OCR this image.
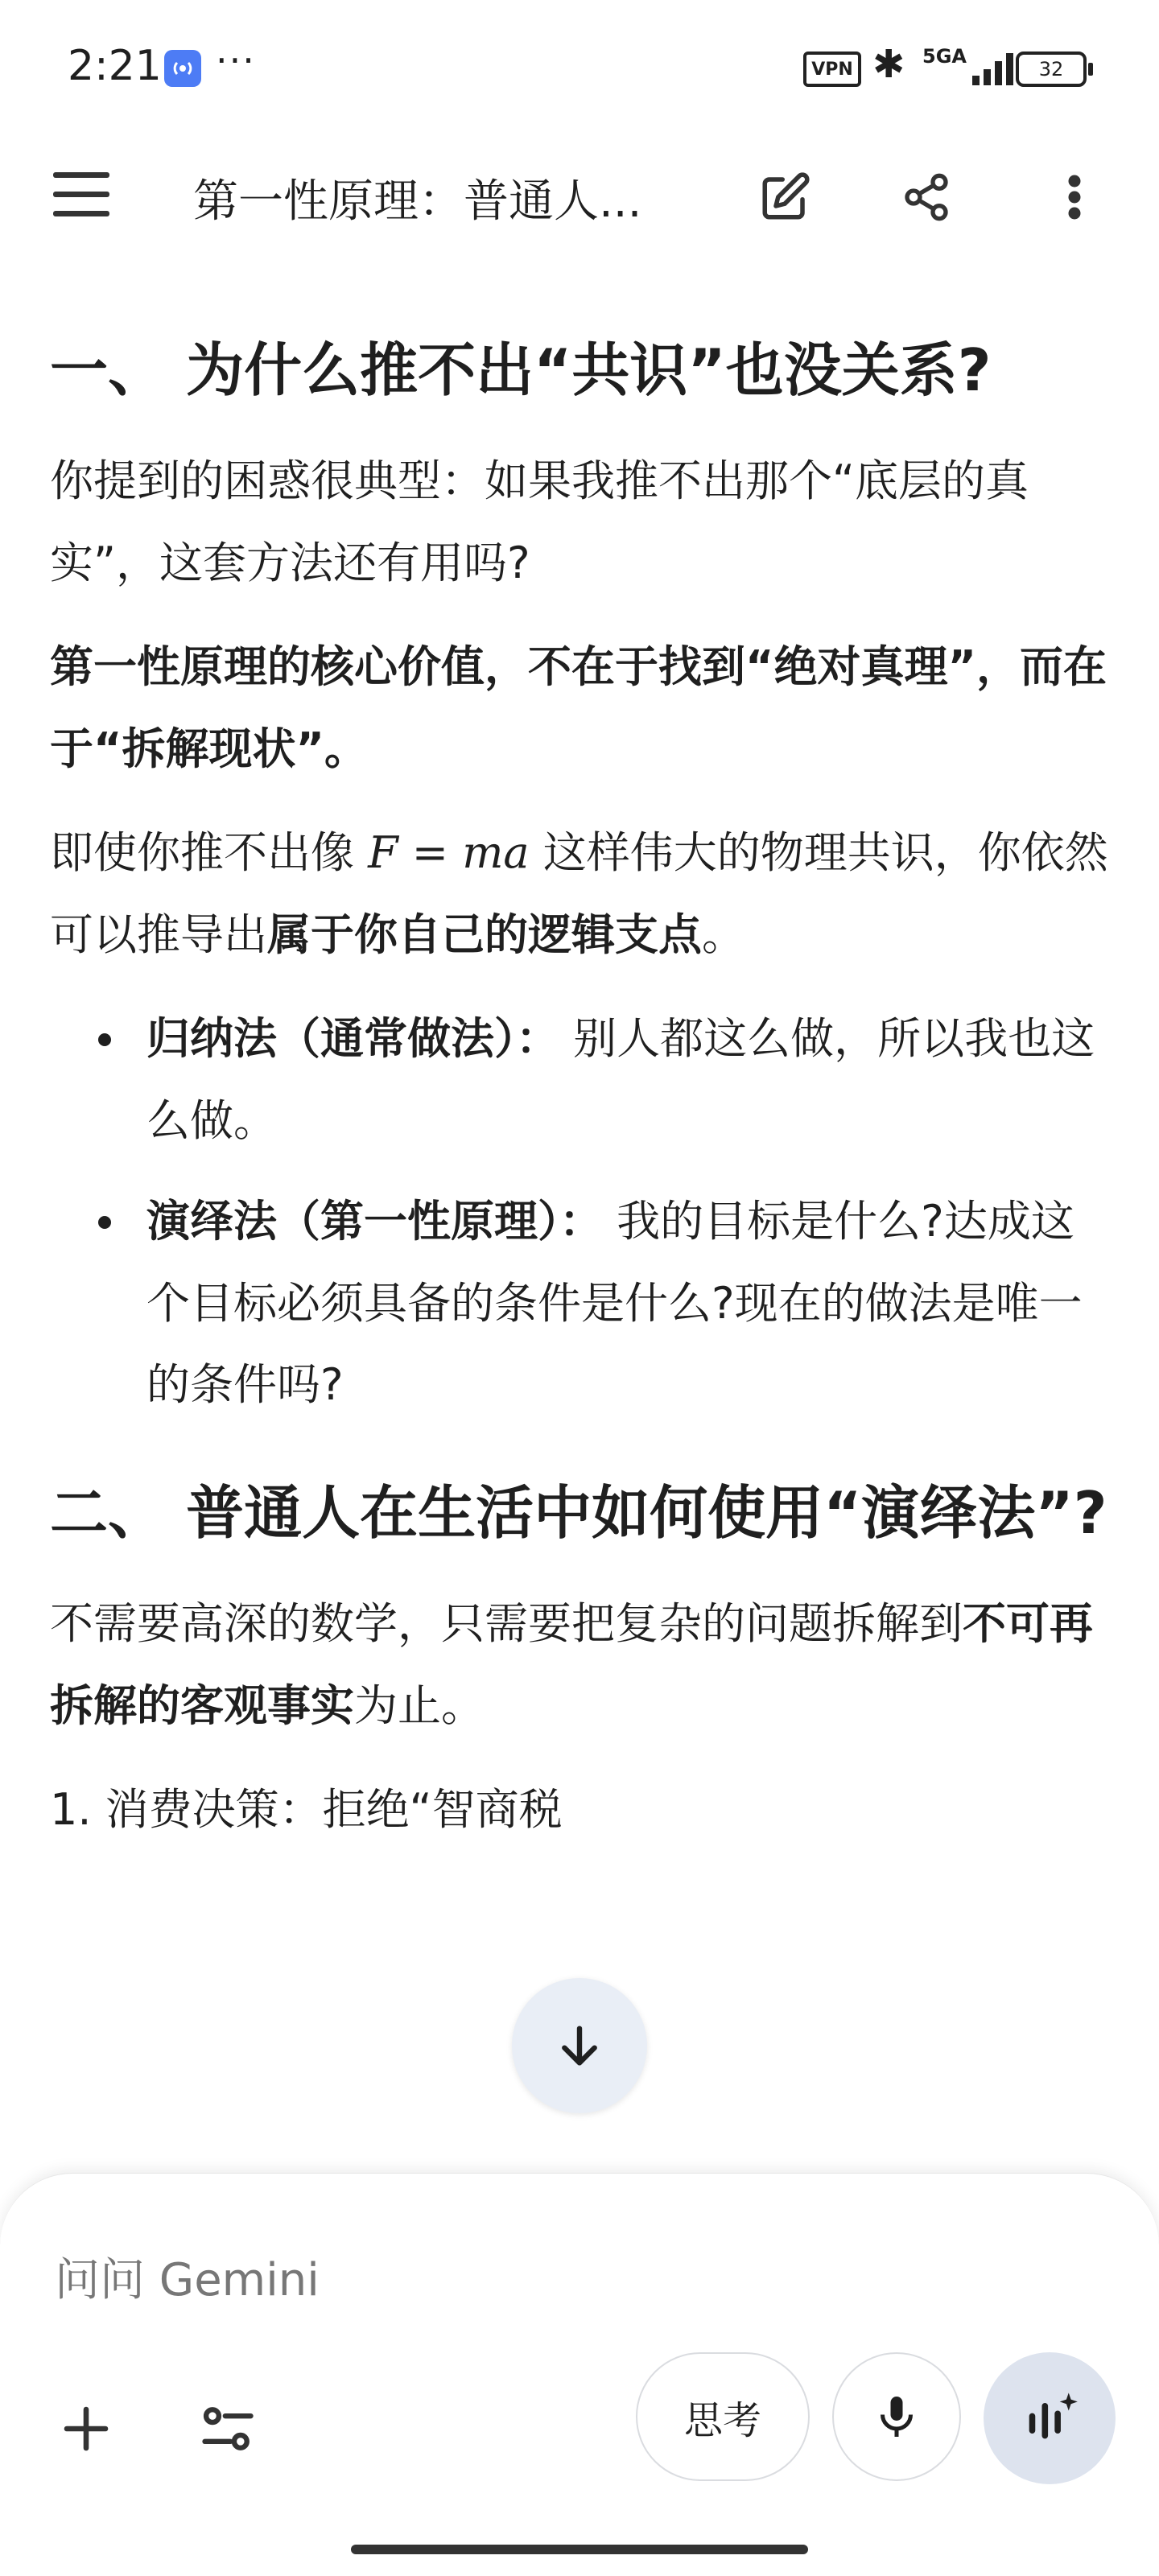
2:21 ···	VPN ✱ 5GA
32
第一性原理：普通人...
一、 为什么推不出“共识”也没关系?
你提到的困惑很典型：如果我推不出那个“底层的真实”，这套方法还有用吗?
第一性原理的核心价值，不在于找到“绝对真理”，而在于“拆解现状”。
即使你推不出像 F = ma 这样伟大的物理共识，你依然可以推导出属于你自己的逻辑支点。
归纳法（通常做法）： 别人都这么做，所以我也这么做。
演绎法（第一性原理）： 我的目标是什么?达成这个目标必须具备的条件是什么?现在的做法是唯一的条件吗?
二、 普通人在生活中如何使用“演绎法”?
不需要高深的数学，只需要把复杂的问题拆解到不可再拆解的客观事实为止。
1. 消费决策：拒绝“智商税
问问 Gemini
思考
